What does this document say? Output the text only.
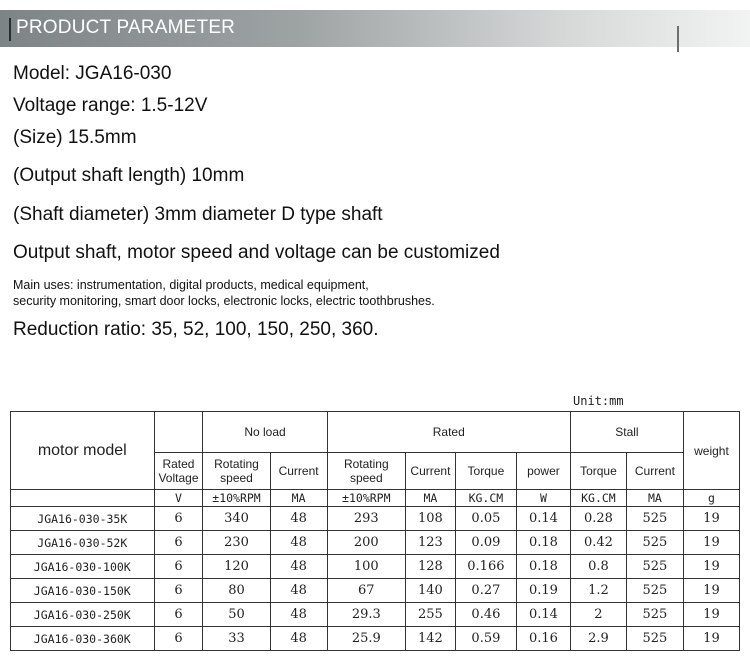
PRODUCT PARAMETER
Model: JGA16-030
Voltage range: 1.5-12V
(Size) 15.5mm
(Output shaft length) 10mm
(Shaft diameter) 3mm diameter D type shaft
Output shaft, motor speed and voltage can be customized
Main uses: instrumentation, digital products, medical equipment,
security monitoring, smart door locks, electronic locks, electric toothbrushes.
Reduction ratio: 35, 52, 100, 150, 250, 360.
Unit:mm
motor model		No load		Rated				Stall		weight
	Rated Voltage	Rotating speed	Current	Rotating speed	Current	Torque	power	Torque	Current	
	V	±10%RPM	MA	±10%RPM	MA	KG.CM	W	KG.CM	MA	g
JGA16-030-35K	6	340	48	293	108	0.05	0.14	0.28	525	19
JGA16-030-52K	6	230	48	200	123	0.09	0.18	0.42	525	19
JGA16-030-100K	6	120	48	100	128	0.166	0.18	0.8	525	19
JGA16-030-150K	6	80	48	67	140	0.27	0.19	1.2	525	19
JGA16-030-250K	6	50	48	29.3	255	0.46	0.14	2	525	19
JGA16-030-360K	6	33	48	25.9	142	0.59	0.16	2.9	525	19
